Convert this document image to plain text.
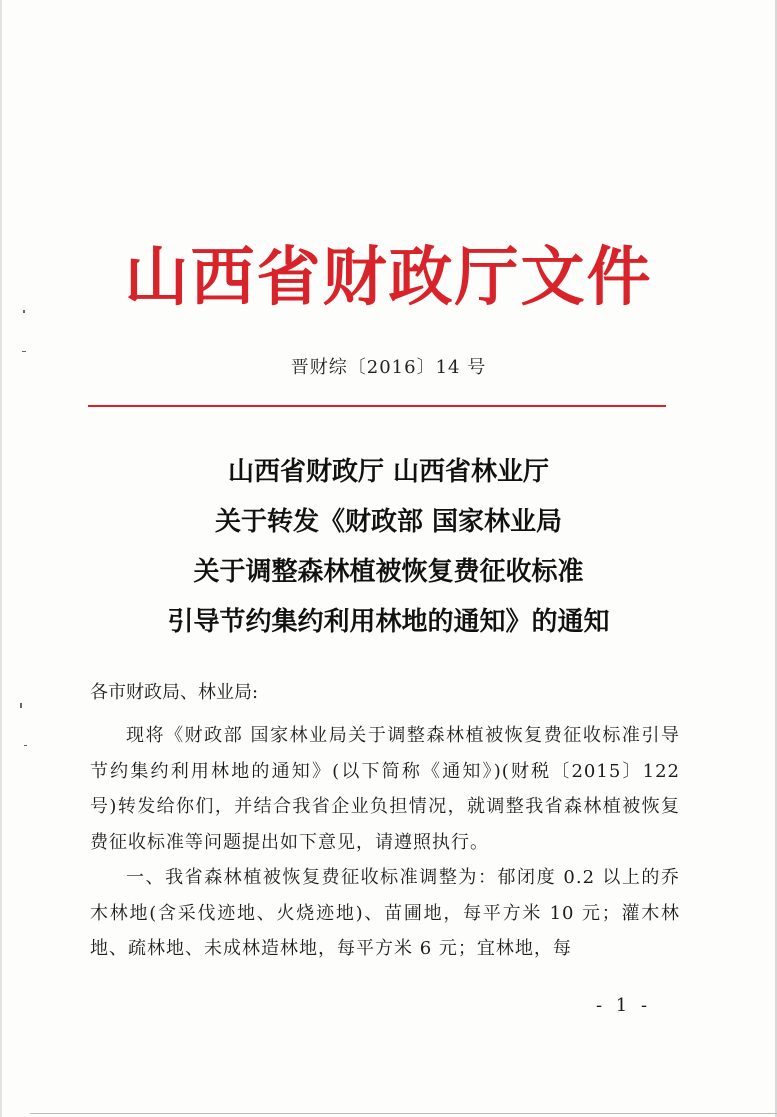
山西省财政厅文件
晋财综〔2016〕14 号
山西省财政厅 山西省林业厅
关于转发《财政部 国家林业局
关于调整森林植被恢复费征收标准
引导节约集约利用林地的通知》的通知
各市财政局、林业局:

现将《财政部 国家林业局关于调整森林植被恢复费征收标准引导节约集约利用林地的通知》(以下简称《通知》)(财税〔2015〕122 号)转发给你们，并结合我省企业负担情况，就调整我省森林植被恢复费征收标准等问题提出如下意见，请遵照执行。

一、我省森林植被恢复费征收标准调整为：郁闭度 0.2 以上的乔木林地(含采伐迹地、火烧迹地)、苗圃地，每平方米 10 元；灌木林地、疏林地、未成林造林地，每平方米 6 元；宜林地，每

- 1 -
